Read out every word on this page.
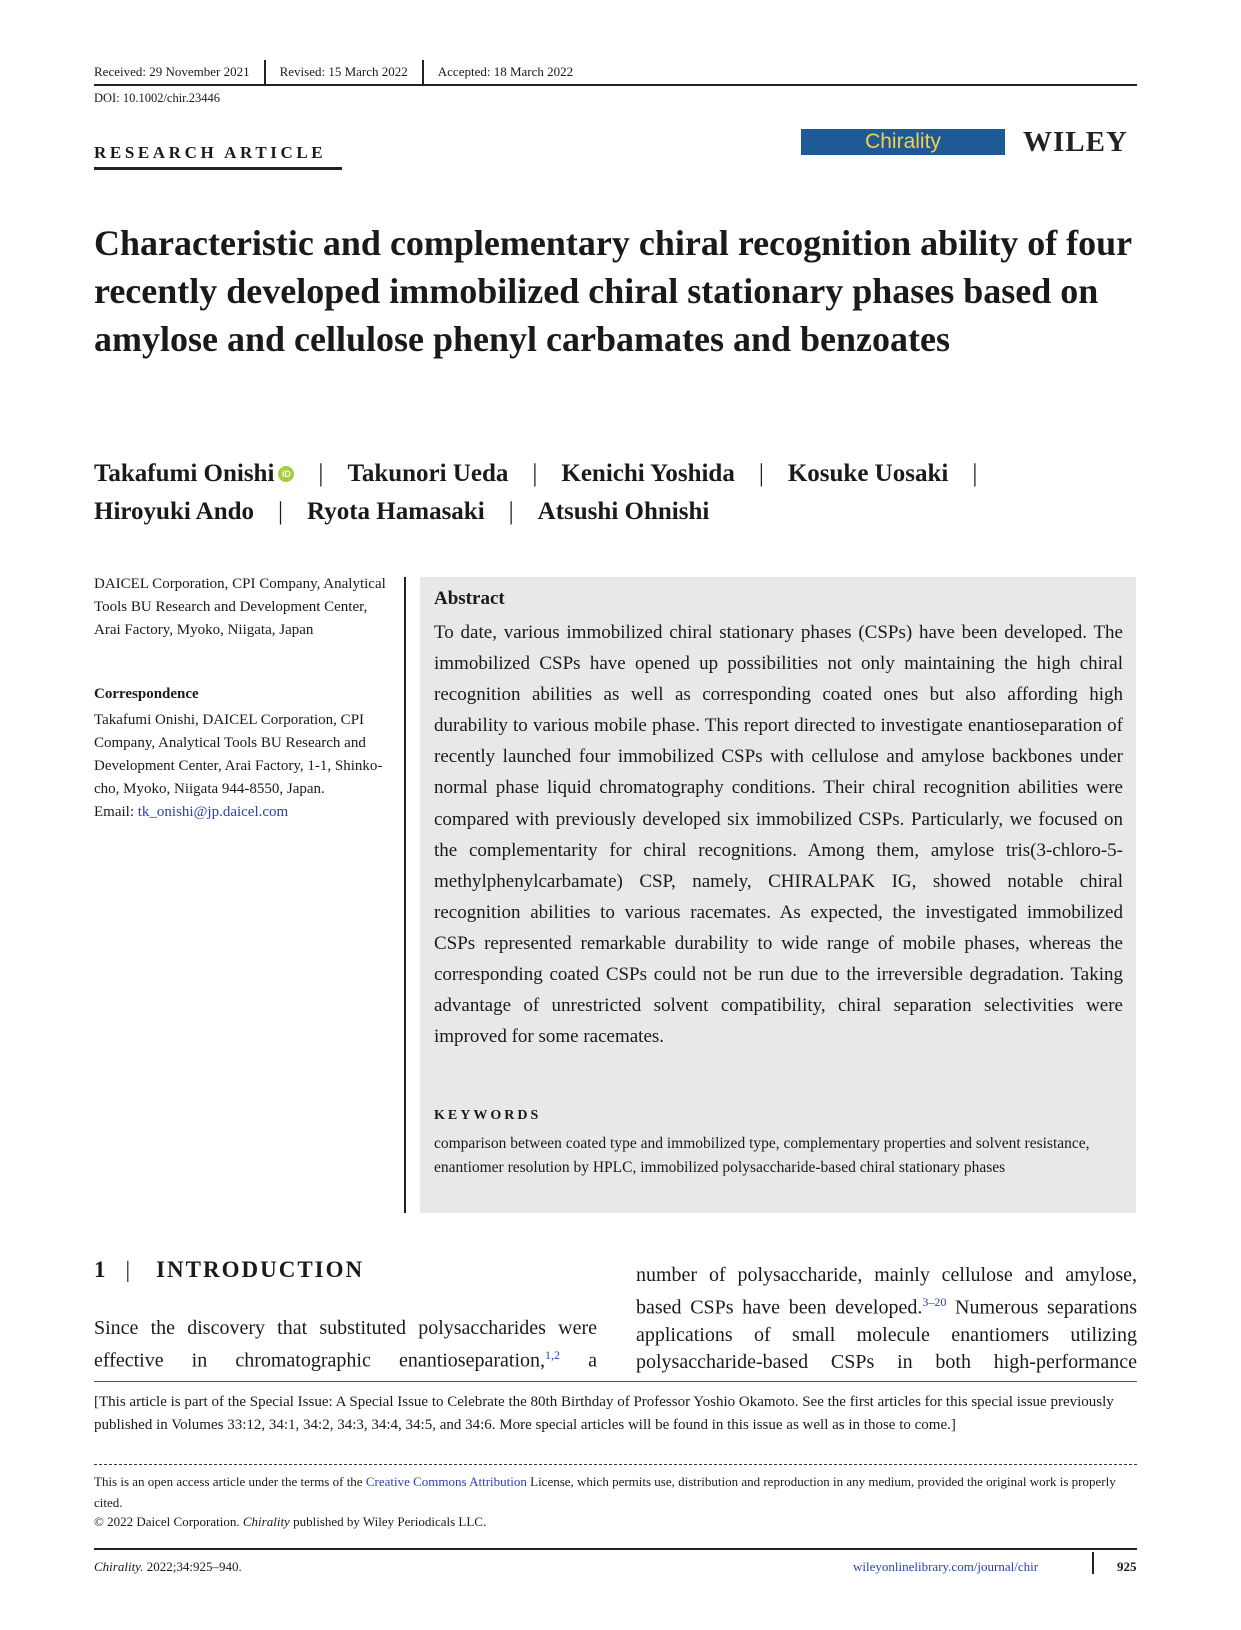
Received: 29 November 2021	Revised: 15 March 2022	Accepted: 18 March 2022
DOI: 10.1002/chir.23446
RESEARCH ARTICLE	Chirality	WILEY
Characteristic and complementary chiral recognition ability of four recently developed immobilized chiral stationary phases based on amylose and cellulose phenyl carbamates and benzoates
Takafumi Onishi iD | Takunori Ueda | Kenichi Yoshida | Kosuke Uosaki |
Hiroyuki Ando | Ryota Hamasaki | Atsushi Ohnishi
DAICEL Corporation, CPI Company, Analytical Tools BU Research and Development Center, Arai Factory, Myoko, Niigata, Japan
Correspondence
Takafumi Onishi, DAICEL Corporation, CPI Company, Analytical Tools BU Research and Development Center, Arai Factory, 1-1, Shinko-cho, Myoko, Niigata 944-8550, Japan.
Email: tk_onishi@jp.daicel.com
Abstract
To date, various immobilized chiral stationary phases (CSPs) have been developed. The immobilized CSPs have opened up possibilities not only maintaining the high chiral recognition abilities as well as corresponding coated ones but also affording high durability to various mobile phase. This report directed to investigate enantioseparation of recently launched four immobilized CSPs with cellulose and amylose backbones under normal phase liquid chromatography conditions. Their chiral recognition abilities were compared with previously developed six immobilized CSPs. Particularly, we focused on the complementarity for chiral recognitions. Among them, amylose tris(3-chloro-5-methylphenylcarbamate) CSP, namely, CHIRALPAK IG, showed notable chiral recognition abilities to various racemates. As expected, the investigated immobilized CSPs represented remarkable durability to wide range of mobile phases, whereas the corresponding coated CSPs could not be run due to the irreversible degradation. Taking advantage of unrestricted solvent compatibility, chiral separation selectivities were improved for some racemates.
KEYWORDS
comparison between coated type and immobilized type, complementary properties and solvent resistance, enantiomer resolution by HPLC, immobilized polysaccharide-based chiral stationary phases
1 | INTRODUCTION
Since the discovery that substituted polysaccharides were effective in chromatographic enantioseparation,$^{1,2}$ a
number of polysaccharide, mainly cellulose and amylose, based CSPs have been developed.$^{3-20}$ Numerous separations applications of small molecule enantiomers utilizing polysaccharide-based CSPs in both high-performance
[This article is part of the Special Issue: A Special Issue to Celebrate the 80th Birthday of Professor Yoshio Okamoto. See the first articles for this special issue previously published in Volumes 33:12, 34:1, 34:2, 34:3, 34:4, 34:5, and 34:6. More special articles will be found in this issue as well as in those to come.]
This is an open access article under the terms of the Creative Commons Attribution License, which permits use, distribution and reproduction in any medium, provided the original work is properly cited.
© 2022 Daicel Corporation. Chirality published by Wiley Periodicals LLC.
Chirality. 2022;34:925–940.	wileyonlinelibrary.com/journal/chir	925
